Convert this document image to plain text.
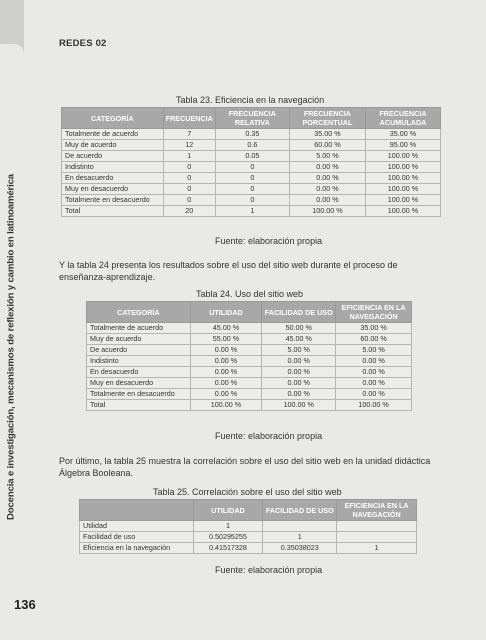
REDES 02
Docencia e investigación, mecanismos de reflexión y cambio en latinoamérica
Tabla 23. Eficiencia en la navegación
CATEGORÍA	FRECUENCIA	FRECUENCIA RELATIVA	FRECUENCIA PORCENTUAL	FRECUENCIA ACUMULADA
Totalmente de acuerdo	7	0.35	35.00 %	35.00 %
Muy de acuerdo	12	0.6	60.00 %	95.00 %
De acuerdo	1	0.05	5.00 %	100.00 %
Indistinto	0	0	0.00 %	100.00 %
En desacuerdo	0	0	0.00 %	100.00 %
Muy en desacuerdo	0	0	0.00 %	100.00 %
Totalmente en desacuerdo	0	0	0.00 %	100.00 %
Total	20	1	100.00 %	100.00 %
Fuente: elaboración propia
Y la tabla 24 presenta los resultados sobre el uso del sitio web durante el proceso de enseñanza-aprendizaje.
Tabla 24. Uso del sitio web
CATEGORÍA	UTILIDAD	FACILIDAD DE USO	EFICIENCIA EN LA NAVEGACIÓN
Totalmente de acuerdo	45.00 %	50.00 %	35.00 %
Muy de acuerdo	55.00 %	45.00 %	60.00 %
De acuerdo	0.00 %	5.00 %	5.00 %
Indistinto	0.00 %	0.00 %	0.00 %
En desacuerdo	0.00 %	0.00 %	0.00 %
Muy en desacuerdo	0.00 %	0.00 %	0.00 %
Totalmente en desacuerdo	0.00 %	0.00 %	0.00 %
Total	100.00 %	100.00 %	100.00 %
Fuente: elaboración propia
Por último, la tabla 25 muestra la correlación sobre el uso del sitio web en la unidad didáctica Álgebra Booleana.
Tabla 25. Correlación sobre el uso del sitio web
	UTILIDAD	FACILIDAD DE USO	EFICIENCIA EN LA NAVEGACIÓN
Utilidad	1		
Facilidad de uso	0.50295255	1	
Eficiencia en la navegación	0.41517328	0.35038023	1
Fuente: elaboración propia
136
